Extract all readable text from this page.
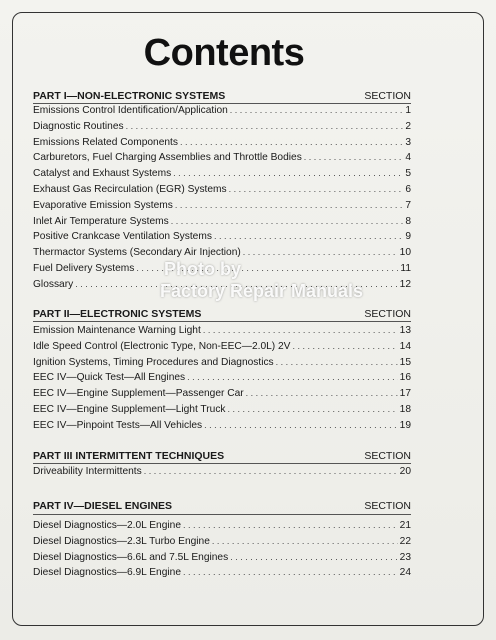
Contents
PART I—NON-ELECTRONIC SYSTEMS	SECTION
Emissions Control Identification/Application . . .	1
Diagnostic Routines . . .	2
Emissions Related Components . . .	3
Carburetors, Fuel Charging Assemblies and Throttle Bodies . . .	4
Catalyst and Exhaust Systems . . .	5
Exhaust Gas Recirculation (EGR) Systems . . .	6
Evaporative Emission Systems . . .	7
Inlet Air Temperature Systems . . .	8
Positive Crankcase Ventilation Systems . . .	9
Thermactor Systems (Secondary Air Injection) . . .	10
Fuel Delivery Systems . . .	11
Glossary . . .	12
PART II—ELECTRONIC SYSTEMS	SECTION
Emission Maintenance Warning Light . . .	13
Idle Speed Control (Electronic Type, Non-EEC—2.0L) 2V . . .	14
Ignition Systems, Timing Procedures and Diagnostics . . .	15
EEC IV—Quick Test—All Engines . . .	16
EEC IV—Engine Supplement—Passenger Car . . .	17
EEC IV—Engine Supplement—Light Truck . . .	18
EEC IV—Pinpoint Tests—All Vehicles . . .	19
PART III INTERMITTENT TECHNIQUES	SECTION
Driveability Intermittents . . .	20
PART IV—DIESEL ENGINES	SECTION
Diesel Diagnostics—2.0L Engine . . .	21
Diesel Diagnostics—2.3L Turbo Engine . . .	22
Diesel Diagnostics—6.6L and 7.5L Engines . . .	23
Diesel Diagnostics—6.9L Engine . . .	24
Photo by
Factory Repair Manuals
